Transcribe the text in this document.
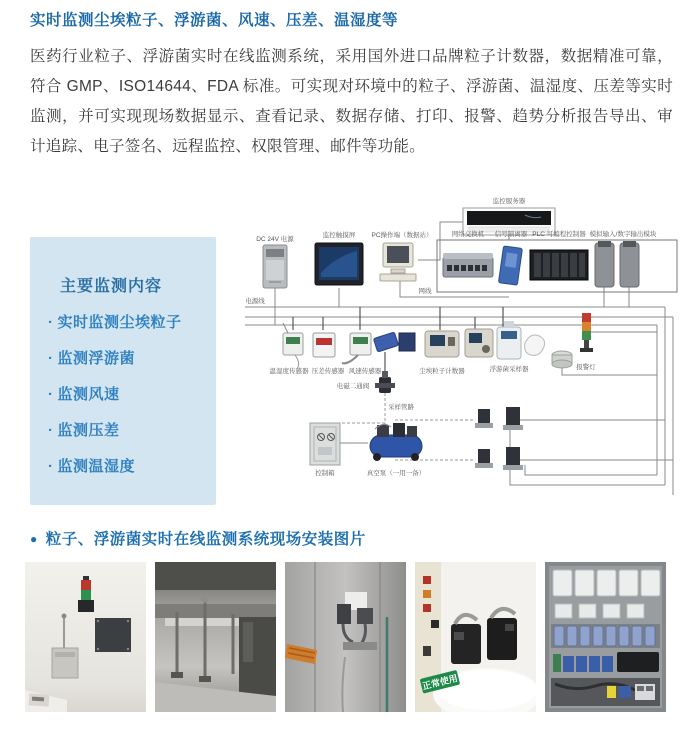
实时监测尘埃粒子、浮游菌、风速、压差、温湿度等

医药行业粒子、浮游菌实时在线监测系统，采用国外进口品牌粒子计数器，数据精准可靠，符合 GMP、ISO14644、FDA 标准。可实现对环境中的粒子、浮游菌、温湿度、压差等实时监测，并可实现现场数据显示、查看记录、数据存储、打印、报警、趋势分析报告导出、审计追踪、电子签名、远程监控、权限管理、邮件等功能。

主要监测内容
· 实时监测尘埃粒子
· 监测浮游菌
· 监测风速
· 监测压差
· 监测温湿度
DC 24V 电源
电源线
监控触摸屏 PC操作端（数据站）
网线
监控服务器
网络交换机 信号隔离器 PLC 可编程控制器 模拟输入/数字输出模块
温湿度传感器 压差传感器 风速传感器	尘埃粒子计数器	浮游菌采样器	报警灯
电磁二通阀
采样管路
控制箱	真空泵（一用一备）
● 粒子、浮游菌实时在线监测系统现场安装图片
正常使用
